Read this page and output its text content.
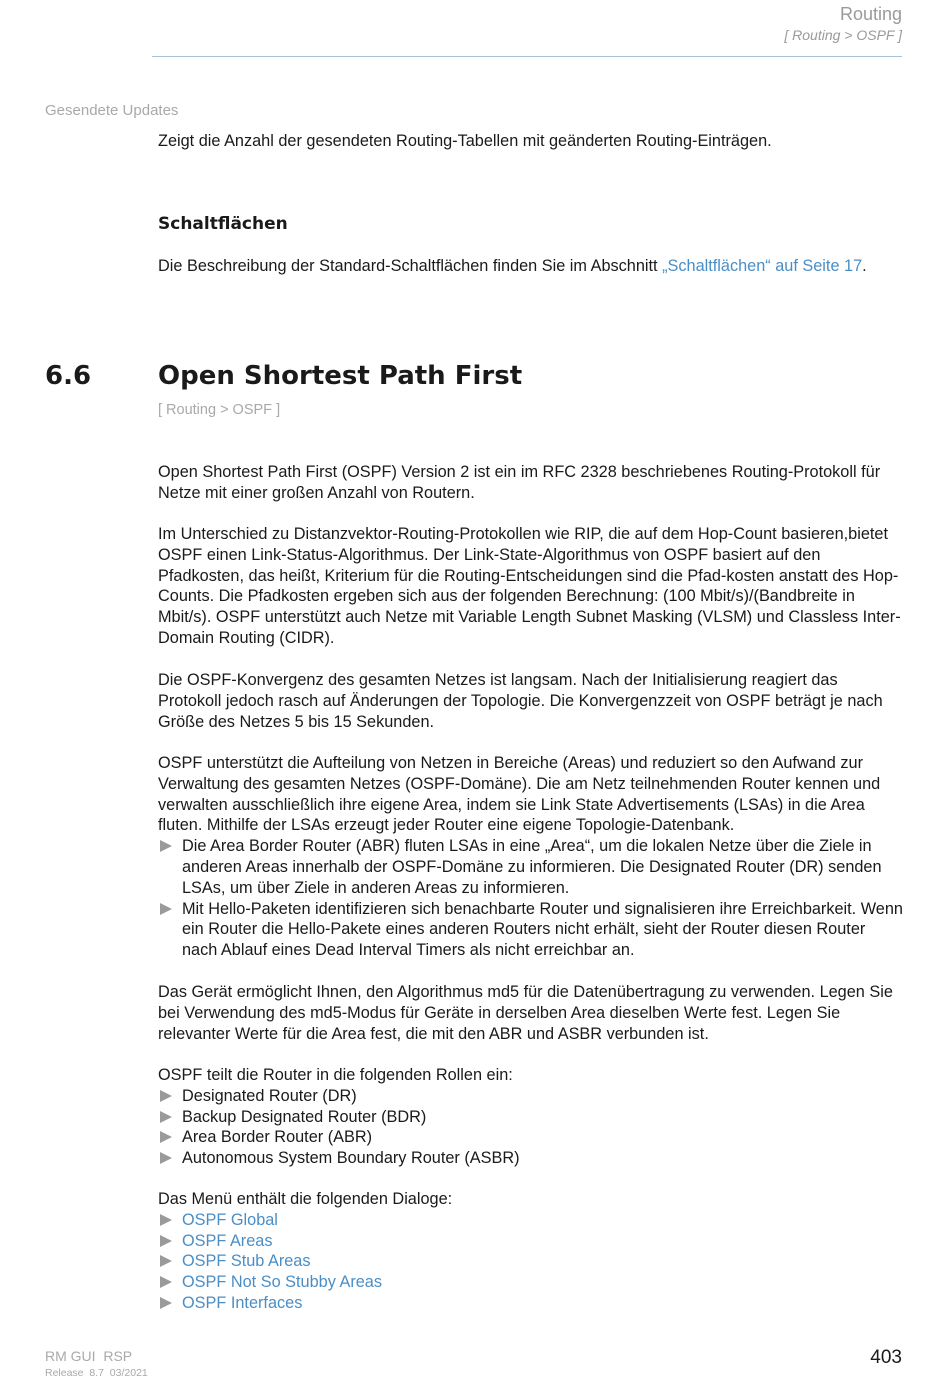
Routing
[ Routing > OSPF ]
Gesendete Updates
Zeigt die Anzahl der gesendeten Routing-Tabellen mit geänderten Routing-Einträgen.
Schaltflächen
Die Beschreibung der Standard-Schaltflächen finden Sie im Abschnitt „Schaltflächen“ auf Seite 17.
6.6	Open Shortest Path First
[ Routing > OSPF ]

Open Shortest Path First (OSPF) Version 2 ist ein im RFC 2328 beschriebenes Routing-Protokoll für Netze mit einer großen Anzahl von Routern.

Im Unterschied zu Distanzvektor-Routing-Protokollen wie RIP, die auf dem Hop-Count basieren,bietet OSPF einen Link-Status-Algorithmus. Der Link-State-Algorithmus von OSPF basiert auf den Pfadkosten, das heißt, Kriterium für die Routing-Entscheidungen sind die Pfad-kosten anstatt des Hop-Counts. Die Pfadkosten ergeben sich aus der folgenden Berechnung: (100 Mbit/s)/(Bandbreite in Mbit/s). OSPF unterstützt auch Netze mit Variable Length Subnet Masking (VLSM) und Classless Inter-Domain Routing (CIDR).

Die OSPF-Konvergenz des gesamten Netzes ist langsam. Nach der Initialisierung reagiert das Protokoll jedoch rasch auf Änderungen der Topologie. Die Konvergenzzeit von OSPF beträgt je nach Größe des Netzes 5 bis 15 Sekunden.

OSPF unterstützt die Aufteilung von Netzen in Bereiche (Areas) und reduziert so den Aufwand zur Verwaltung des gesamten Netzes (OSPF-Domäne). Die am Netz teilnehmenden Router kennen und verwalten ausschließlich ihre eigene Area, indem sie Link State Advertisements (LSAs) in die Area fluten. Mithilfe der LSAs erzeugt jeder Router eine eigene Topologie-Datenbank.

Die Area Border Router (ABR) fluten LSAs in eine „Area“, um die lokalen Netze über die Ziele in anderen Areas innerhalb der OSPF-Domäne zu informieren. Die Designated Router (DR) senden LSAs, um über Ziele in anderen Areas zu informieren.
Mit Hello-Paketen identifizieren sich benachbarte Router und signalisieren ihre Erreichbarkeit. Wenn ein Router die Hello-Pakete eines anderen Routers nicht erhält, sieht der Router diesen Router nach Ablauf eines Dead Interval Timers als nicht erreichbar an.

Das Gerät ermöglicht Ihnen, den Algorithmus md5 für die Datenübertragung zu verwenden. Legen Sie bei Verwendung des md5-Modus für Geräte in derselben Area dieselben Werte fest. Legen Sie relevanter Werte für die Area fest, die mit den ABR und ASBR verbunden ist.

OSPF teilt die Router in die folgenden Rollen ein:

Designated Router (DR)
Backup Designated Router (BDR)
Area Border Router (ABR)
Autonomous System Boundary Router (ASBR)

Das Menü enthält die folgenden Dialoge:

OSPF Global
OSPF Areas
OSPF Stub Areas
OSPF Not So Stubby Areas
OSPF Interfaces
RM GUI  RSP
Release  8.7  03/2021
403
